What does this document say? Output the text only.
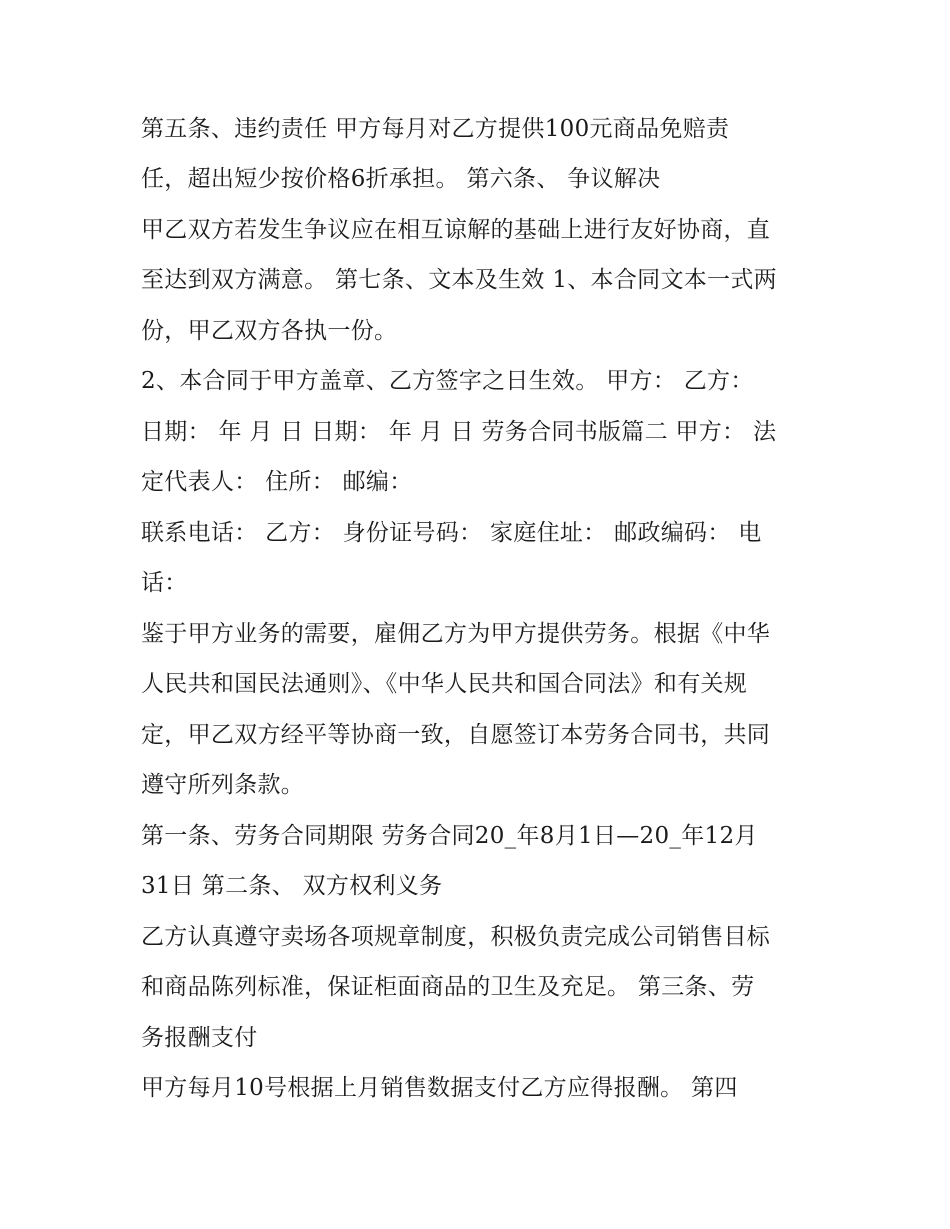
第五条、违约责任 甲方每月对乙方提供100元商品免赔责
任，超出短少按价格6折承担。 第六条、 争议解决
甲乙双方若发生争议应在相互谅解的基础上进行友好协商，直
至达到双方满意。 第七条、文本及生效 1、本合同文本一式两
份，甲乙双方各执一份。
2、本合同于甲方盖章、乙方签字之日生效。 甲方： 乙方：
日期： 年 月 日 日期： 年 月 日 劳务合同书版篇二 甲方： 法
定代表人： 住所： 邮编：
联系电话： 乙方： 身份证号码： 家庭住址： 邮政编码： 电
话：
鉴于甲方业务的需要，雇佣乙方为甲方提供劳务。根据《中华
人民共和国民法通则》、《中华人民共和国合同法》和有关规
定，甲乙双方经平等协商一致，自愿签订本劳务合同书，共同
遵守所列条款。
第一条、劳务合同期限 劳务合同20_年8月1日—20_年12月
31日 第二条、 双方权利义务
乙方认真遵守卖场各项规章制度，积极负责完成公司销售目标
和商品陈列标准，保证柜面商品的卫生及充足。 第三条、劳
务报酬支付
甲方每月10号根据上月销售数据支付乙方应得报酬。 第四
